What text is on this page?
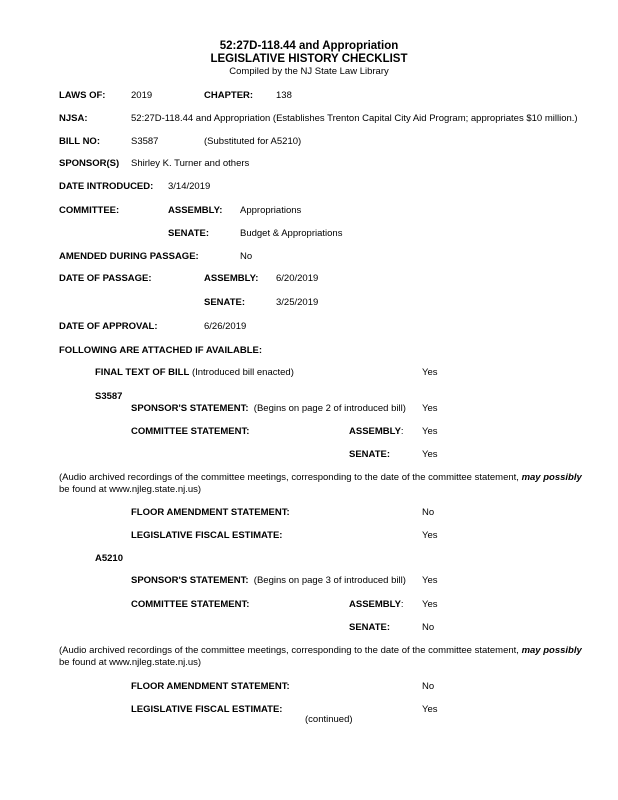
52:27D-118.44 and Appropriation
LEGISLATIVE HISTORY CHECKLIST
Compiled by the NJ State Law Library
LAWS OF:	2019	CHAPTER: 138
NJSA:	52:27D-118.44 and Appropriation (Establishes Trenton Capital City Aid Program; appropriates $10 million.)
BILL NO:	S3587	(Substituted for A5210)
SPONSOR(S) Shirley K. Turner and others
DATE INTRODUCED: 3/14/2019
COMMITTEE:	ASSEMBLY: Appropriations
SENATE:	Budget & Appropriations
AMENDED DURING PASSAGE:	No
DATE OF PASSAGE:	ASSEMBLY: 6/20/2019
SENATE:	3/25/2019
DATE OF APPROVAL:	6/26/2019
FOLLOWING ARE ATTACHED IF AVAILABLE:
FINAL TEXT OF BILL (Introduced bill enacted)	Yes
S3587
SPONSOR'S STATEMENT: (Begins on page 2 of introduced bill) Yes
COMMITTEE STATEMENT:	ASSEMBLY: Yes
SENATE:	Yes
(Audio archived recordings of the committee meetings, corresponding to the date of the committee statement, may possibly
be found at www.njleg.state.nj.us)
FLOOR AMENDMENT STATEMENT:	No
LEGISLATIVE FISCAL ESTIMATE:	Yes
A5210
SPONSOR'S STATEMENT: (Begins on page 3 of introduced bill) Yes
COMMITTEE STATEMENT:	ASSEMBLY: Yes
SENATE:	No
(Audio archived recordings of the committee meetings, corresponding to the date of the committee statement, may possibly
be found at www.njleg.state.nj.us)
FLOOR AMENDMENT STATEMENT:	No
LEGISLATIVE FISCAL ESTIMATE:	Yes
(continued)
